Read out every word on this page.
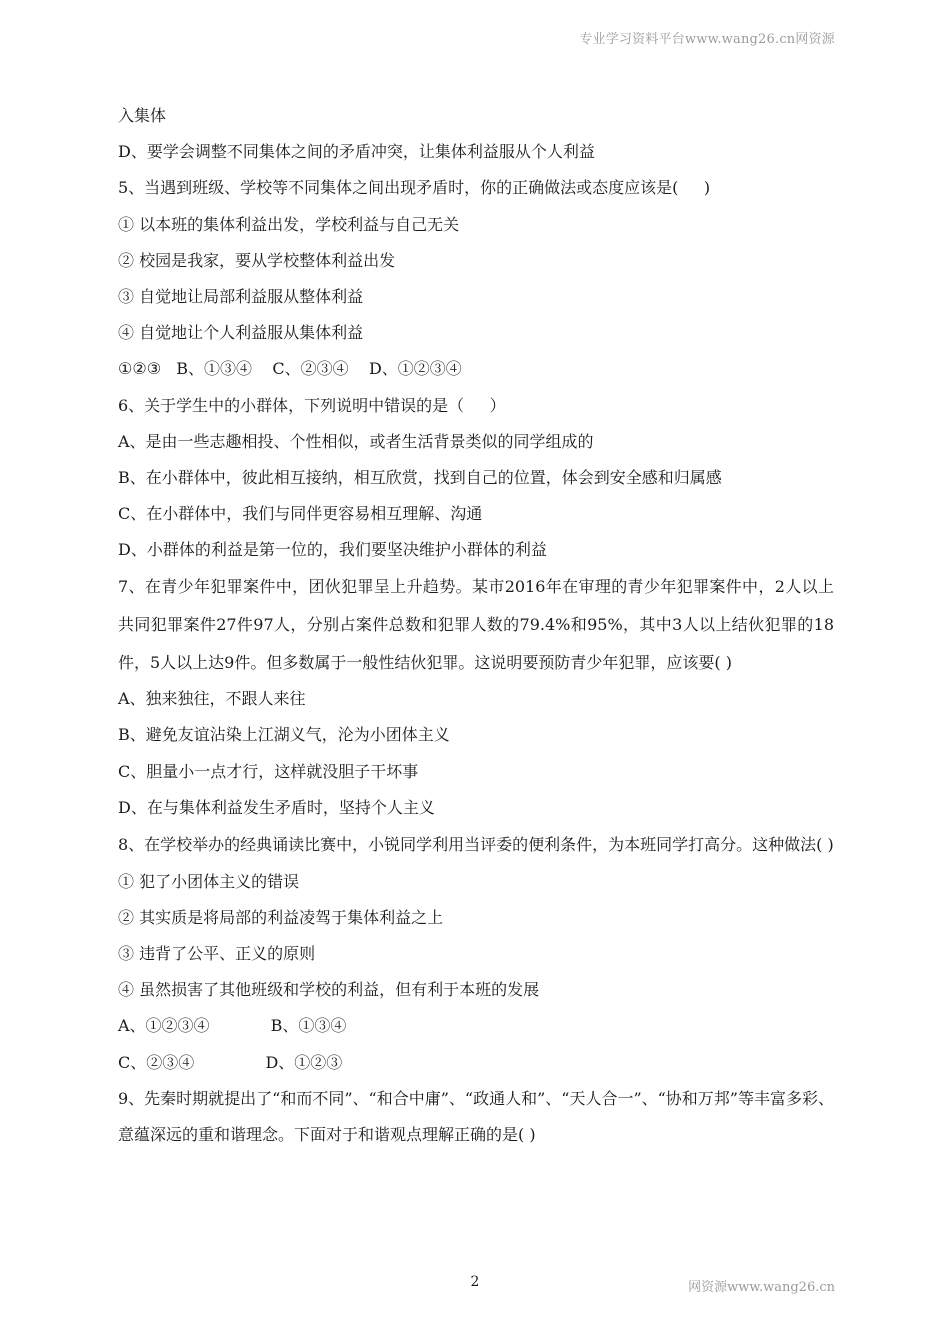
专业学习资料平台www.wang26.cn网资源
入集体
D、要学会调整不同集体之间的矛盾冲突，让集体利益服从个人利益
5、当遇到班级、学校等不同集体之间出现矛盾时，你的正确做法或态度应该是(     )
① 以本班的集体利益出发，学校利益与自己无关
② 校园是我家，要从学校整体利益出发
③ 自觉地让局部利益服从整体利益
④ 自觉地让个人利益服从集体利益
①②③   B、①③④    C、②③④    D、①②③④
6、关于学生中的小群体，下列说明中错误的是（     ）
A、是由一些志趣相投、个性相似，或者生活背景类似的同学组成的
B、在小群体中，彼此相互接纳，相互欣赏，找到自己的位置，体会到安全感和归属感
C、在小群体中，我们与同伴更容易相互理解、沟通
D、小群体的利益是第一位的，我们要坚决维护小群体的利益
7、在青少年犯罪案件中，团伙犯罪呈上升趋势。某市2016年在审理的青少年犯罪案件中，2人以上共同犯罪案件27件97人，分别占案件总数和犯罪人数的79.4%和95%，其中3人以上结伙犯罪的18件，5人以上达9件。但多数属于一般性结伙犯罪。这说明要预防青少年犯罪，应该要( )
A、独来独往，不跟人来往
B、避免友谊沾染上江湖义气，沦为小团体主义
C、胆量小一点才行，这样就没胆子干坏事
D、在与集体利益发生矛盾时，坚持个人主义
8、在学校举办的经典诵读比赛中，小锐同学利用当评委的便利条件，为本班同学打高分。这种做法( )
① 犯了小团体主义的错误
② 其实质是将局部的利益凌驾于集体利益之上
③ 违背了公平、正义的原则
④ 虽然损害了其他班级和学校的利益，但有利于本班的发展
A、①②③④            B、①③④
C、②③④              D、①②③
9、先秦时期就提出了“和而不同”、“和合中庸”、“政通人和”、“天人合一”、“协和万邦”等丰富多彩、意蕴深远的重和谐理念。下面对于和谐观点理解正确的是( )
2	网资源www.wang26.cn
